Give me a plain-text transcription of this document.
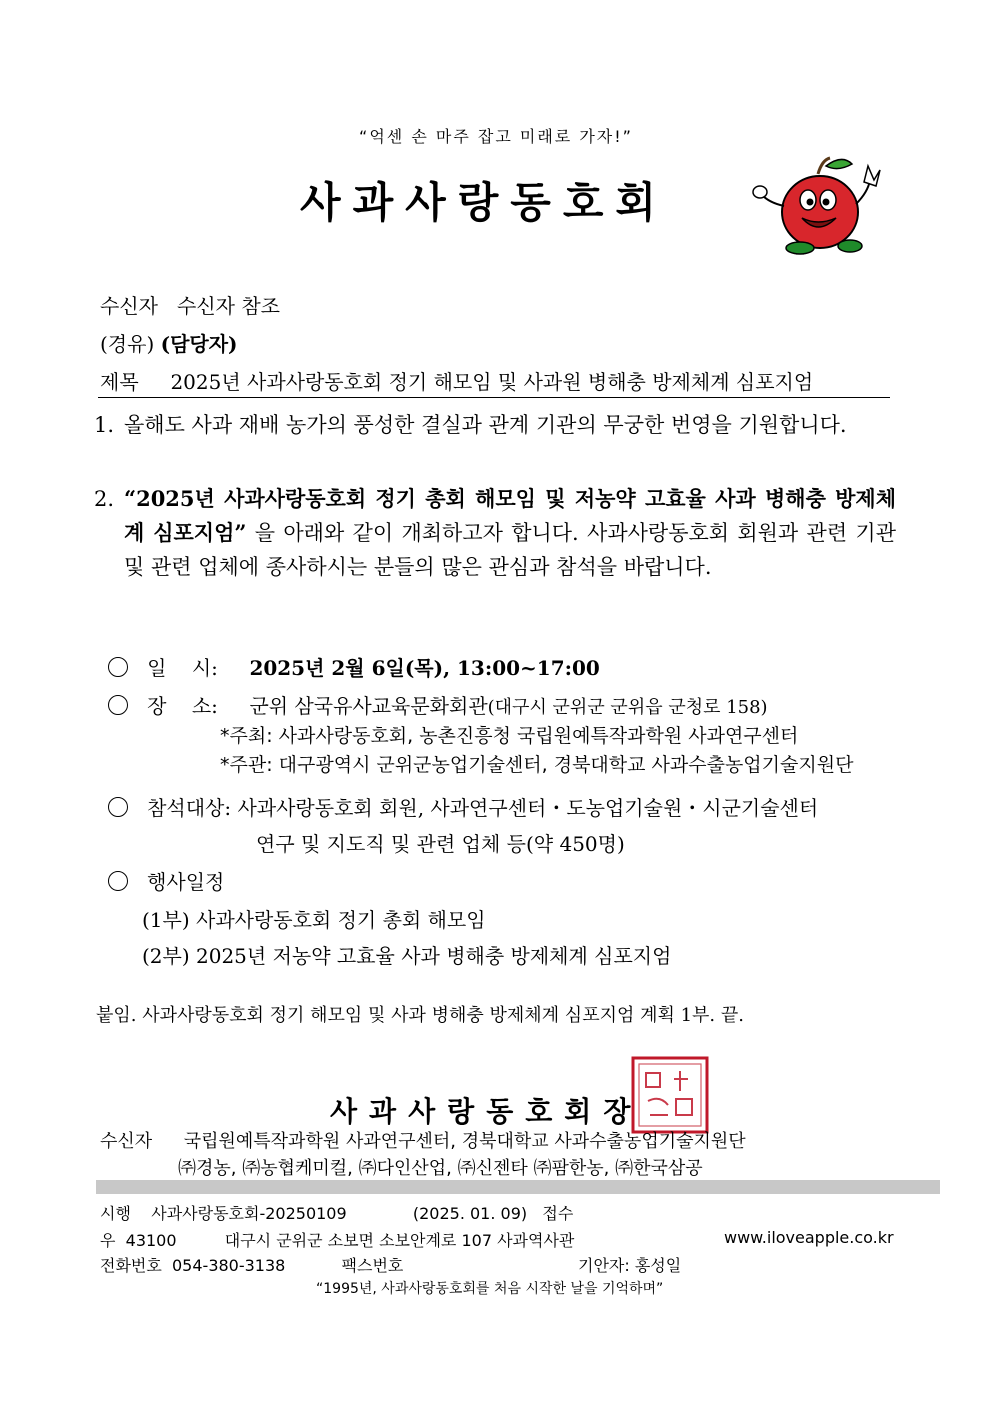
“억센 손 마주 잡고 미래로 가자!”
사과사랑동호회
수신자 수신자 참조
(경유) (담당자)
제목 2025년 사과사랑동호회 정기 해모임 및 사과원 병해충 방제체계 심포지엄
1. 올해도 사과 재배 농가의 풍성한 결실과 관계 기관의 무궁한 번영을 기원합니다.
2. “2025년 사과사랑동호회 정기 총회 해모임 및 저농약 고효율 사과 병해충 방제체계 심포지엄” 을 아래와 같이 개최하고자 합니다. 사과사랑동호회 회원과 관련 기관 및 관련 업체에 종사하시는 분들의 많은 관심과 참석을 바랍니다.
일    시: 2025년 2월 6일(목), 13:00~17:00
장    소: 군위 삼국유사교육문화회관(대구시 군위군 군위읍 군청로 158)
*주최: 사과사랑동호회, 농촌진흥청 국립원예특작과학원 사과연구센터
*주관: 대구광역시 군위군농업기술센터, 경북대학교 사과수출농업기술지원단
참석대상: 사과사랑동호회 회원, 사과연구센터・도농업기술원・시군기술센터
연구 및 지도직 및 관련 업체 등(약 450명)
행사일정
(1부) 사과사랑동호회 정기 총회 해모임
(2부) 2025년 저농약 고효율 사과 병해충 방제체계 심포지엄
붙임. 사과사랑동호회 정기 해모임 및 사과 병해충 방제체계 심포지엄 계획 1부. 끝.
사과사랑동호회장
수신자 국립원예특작과학원 사과연구센터, 경북대학교 사과수출농업기술지원단
㈜경농, ㈜농협케미컬, ㈜다인산업, ㈜신젠타 ㈜팜한농, ㈜한국삼공
시행 사과사랑동호회-20250109	(2025. 01. 09) 접수
우 43100	대구시 군위군 소보면 소보안계로 107 사과역사관	www.iloveapple.co.kr
전화번호 054-380-3138	팩스번호	기안자: 홍성일
“1995년, 사과사랑동호회를 처음 시작한 날을 기억하며”
